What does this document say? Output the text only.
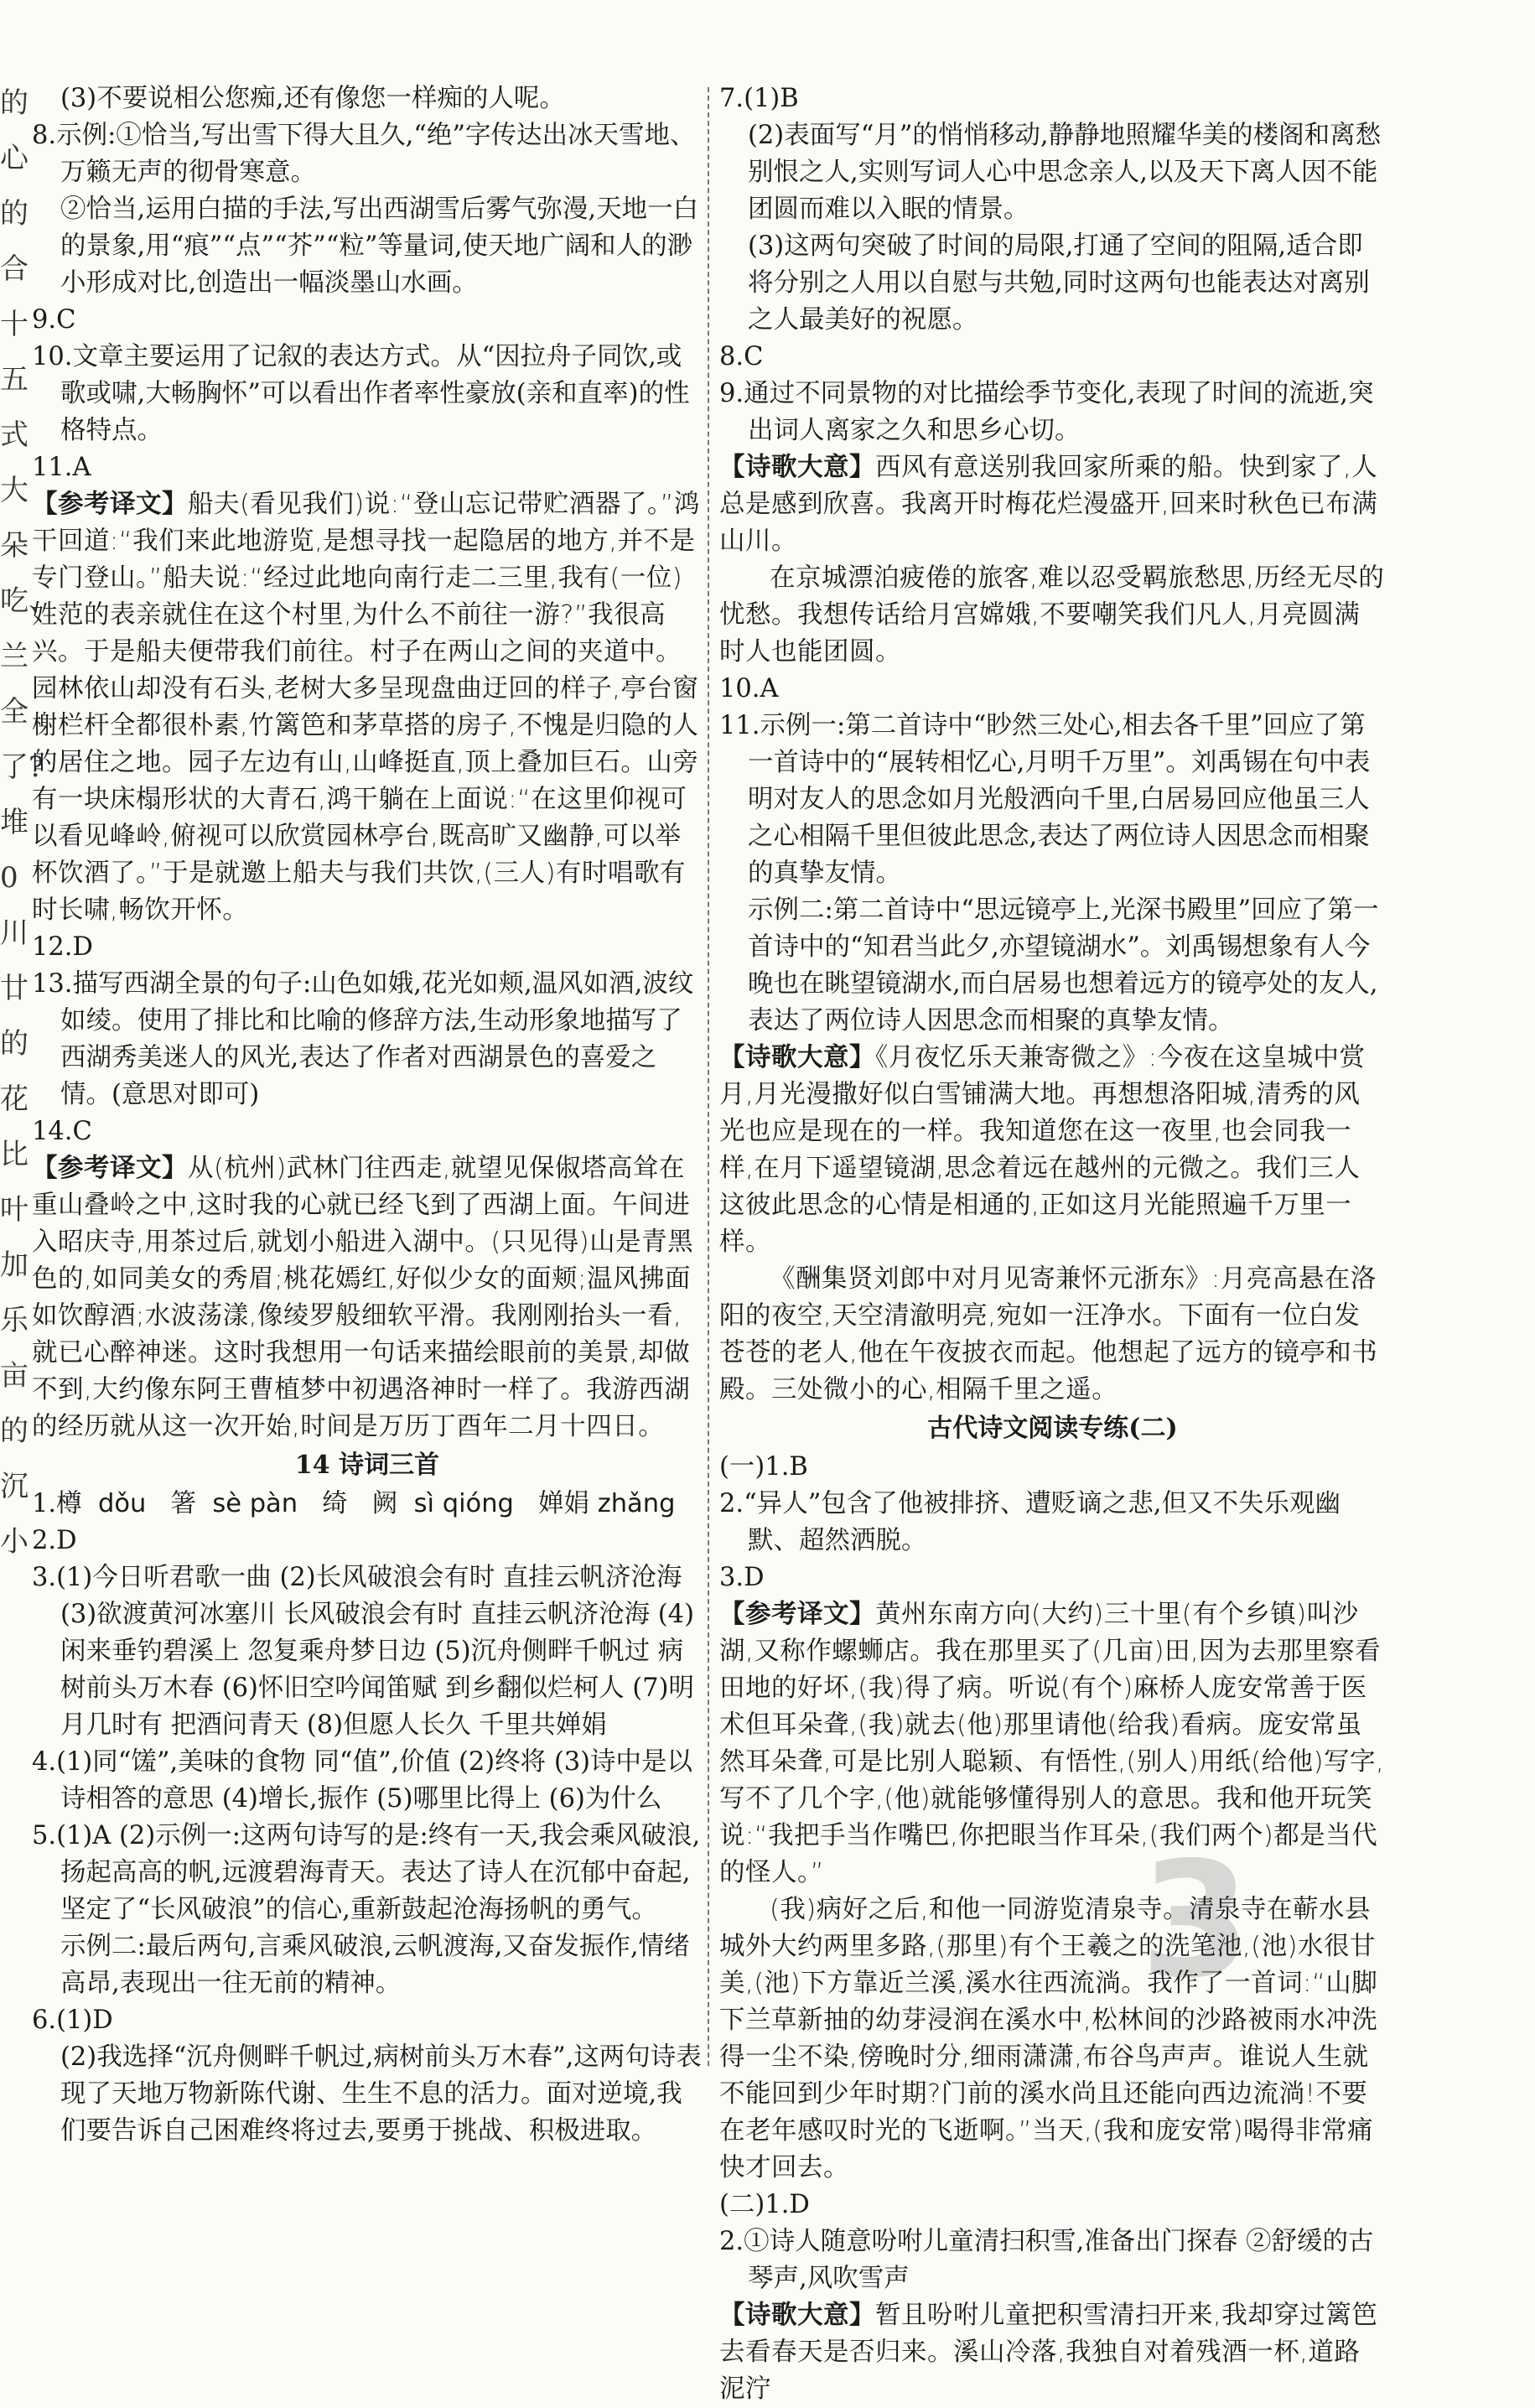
的心的合十五式大朵吃、兰全了?堆0川廿的花比叶加乐亩的沉小
3

(3)不要说相公您痴,还有像您一样痴的人呢。

8.示例:①恰当,写出雪下得大且久,“绝”字传达出冰天雪地、万籁无声的彻骨寒意。

②恰当,运用白描的手法,写出西湖雪后雾气弥漫,天地一白的景象,用“痕”“点”“芥”“粒”等量词,使天地广阔和人的渺小形成对比,创造出一幅淡墨山水画。

9.C

10.文章主要运用了记叙的表达方式。从“因拉舟子同饮,或歌或啸,大畅胸怀”可以看出作者率性豪放(亲和直率)的性格特点。

11.A

【参考译文】船夫(看见我们)说:“登山忘记带贮酒器了。”鸿干回道:“我们来此地游览,是想寻找一起隐居的地方,并不是专门登山。”船夫说:“经过此地向南行走二三里,我有(一位)姓范的表亲就住在这个村里,为什么不前往一游?”我很高兴。于是船夫便带我们前往。村子在两山之间的夹道中。园林依山却没有石头,老树大多呈现盘曲迂回的样子,亭台窗榭栏杆全都很朴素,竹篱笆和茅草搭的房子,不愧是归隐的人的居住之地。园子左边有山,山峰挺直,顶上叠加巨石。山旁有一块床榻形状的大青石,鸿干躺在上面说:“在这里仰视可以看见峰岭,俯视可以欣赏园林亭台,既高旷又幽静,可以举杯饮酒了。”于是就邀上船夫与我们共饮,(三人)有时唱歌有时长啸,畅饮开怀。

12.D

13.描写西湖全景的句子:山色如娥,花光如颊,温风如酒,波纹如绫。使用了排比和比喻的修辞方法,生动形象地描写了西湖秀美迷人的风光,表达了作者对西湖景色的喜爱之情。(意思对即可)

14.C

【参考译文】从(杭州)武林门往西走,就望见保俶塔高耸在重山叠岭之中,这时我的心就已经飞到了西湖上面。午间进入昭庆寺,用茶过后,就划小船进入湖中。(只见得)山是青黑色的,如同美女的秀眉;桃花嫣红,好似少女的面颊;温风拂面如饮醇酒;水波荡漾,像绫罗般细软平滑。我刚刚抬头一看,就已心醉神迷。这时我想用一句话来描绘眼前的美景,却做不到,大约像东阿王曹植梦中初遇洛神时一样了。我游西湖的经历就从这一次开始,时间是万历丁酉年二月十四日。

14 诗词三首

1.樽 dǒu 箸 sè pàn 绮 阙 sì qióng 婵娟 zhǎng

2.D

3.(1)今日听君歌一曲 (2)长风破浪会有时 直挂云帆济沧海 (3)欲渡黄河冰塞川 长风破浪会有时 直挂云帆济沧海 (4)闲来垂钓碧溪上 忽复乘舟梦日边 (5)沉舟侧畔千帆过 病树前头万木春 (6)怀旧空吟闻笛赋 到乡翻似烂柯人 (7)明月几时有 把酒问青天 (8)但愿人长久 千里共婵娟

4.(1)同“馐”,美味的食物 同“值”,价值 (2)终将 (3)诗中是以诗相答的意思 (4)增长,振作 (5)哪里比得上 (6)为什么

5.(1)A (2)示例一:这两句诗写的是:终有一天,我会乘风破浪,扬起高高的帆,远渡碧海青天。表达了诗人在沉郁中奋起,坚定了“长风破浪”的信心,重新鼓起沧海扬帆的勇气。

示例二:最后两句,言乘风破浪,云帆渡海,又奋发振作,情绪高昂,表现出一往无前的精神。

6.(1)D

(2)我选择“沉舟侧畔千帆过,病树前头万木春”,这两句诗表现了天地万物新陈代谢、生生不息的活力。面对逆境,我们要告诉自己困难终将过去,要勇于挑战、积极进取。

7.(1)B

(2)表面写“月”的悄悄移动,静静地照耀华美的楼阁和离愁别恨之人,实则写词人心中思念亲人,以及天下离人因不能团圆而难以入眠的情景。

(3)这两句突破了时间的局限,打通了空间的阻隔,适合即将分别之人用以自慰与共勉,同时这两句也能表达对离别之人最美好的祝愿。

8.C

9.通过不同景物的对比描绘季节变化,表现了时间的流逝,突出词人离家之久和思乡心切。

【诗歌大意】西风有意送别我回家所乘的船。快到家了,人总是感到欣喜。我离开时梅花烂漫盛开,回来时秋色已布满山川。

在京城漂泊疲倦的旅客,难以忍受羁旅愁思,历经无尽的忧愁。我想传话给月宫嫦娥,不要嘲笑我们凡人,月亮圆满时人也能团圆。

10.A

11.示例一:第二首诗中“眇然三处心,相去各千里”回应了第一首诗中的“展转相忆心,月明千万里”。刘禹锡在句中表明对友人的思念如月光般洒向千里,白居易回应他虽三人之心相隔千里但彼此思念,表达了两位诗人因思念而相聚的真挚友情。

示例二:第二首诗中“思远镜亭上,光深书殿里”回应了第一首诗中的“知君当此夕,亦望镜湖水”。刘禹锡想象有人今晚也在眺望镜湖水,而白居易也想着远方的镜亭处的友人,表达了两位诗人因思念而相聚的真挚友情。

【诗歌大意】《月夜忆乐天兼寄微之》:今夜在这皇城中赏月,月光漫撒好似白雪铺满大地。再想想洛阳城,清秀的风光也应是现在的一样。我知道您在这一夜里,也会同我一样,在月下遥望镜湖,思念着远在越州的元微之。我们三人这彼此思念的心情是相通的,正如这月光能照遍千万里一样。

《酬集贤刘郎中对月见寄兼怀元浙东》:月亮高悬在洛阳的夜空,天空清澈明亮,宛如一汪净水。下面有一位白发苍苍的老人,他在午夜披衣而起。他想起了远方的镜亭和书殿。三处微小的心,相隔千里之遥。

古代诗文阅读专练(二)

(一)1.B

2.“异人”包含了他被排挤、遭贬谪之悲,但又不失乐观幽默、超然洒脱。

3.D

【参考译文】黄州东南方向(大约)三十里(有个乡镇)叫沙湖,又称作螺蛳店。我在那里买了(几亩)田,因为去那里察看田地的好坏,(我)得了病。听说(有个)麻桥人庞安常善于医术但耳朵聋,(我)就去(他)那里请他(给我)看病。庞安常虽然耳朵聋,可是比别人聪颖、有悟性,(别人)用纸(给他)写字,写不了几个字,(他)就能够懂得别人的意思。我和他开玩笑说:“我把手当作嘴巴,你把眼当作耳朵,(我们两个)都是当代的怪人。”

(我)病好之后,和他一同游览清泉寺。清泉寺在蕲水县城外大约两里多路,(那里)有个王羲之的洗笔池,(池)水很甘美,(池)下方靠近兰溪,溪水往西流淌。我作了一首词:“山脚下兰草新抽的幼芽浸润在溪水中,松林间的沙路被雨水冲洗得一尘不染,傍晚时分,细雨潇潇,布谷鸟声声。谁说人生就不能回到少年时期?门前的溪水尚且还能向西边流淌!不要在老年感叹时光的飞逝啊。”当天,(我和庞安常)喝得非常痛快才回去。

(二)1.D

2.①诗人随意吩咐儿童清扫积雪,准备出门探春 ②舒缓的古琴声,风吹雪声

【诗歌大意】暂且吩咐儿童把积雪清扫开来,我却穿过篱笆去看春天是否归来。溪山冷落,我独自对着残酒一杯,道路泥泞
